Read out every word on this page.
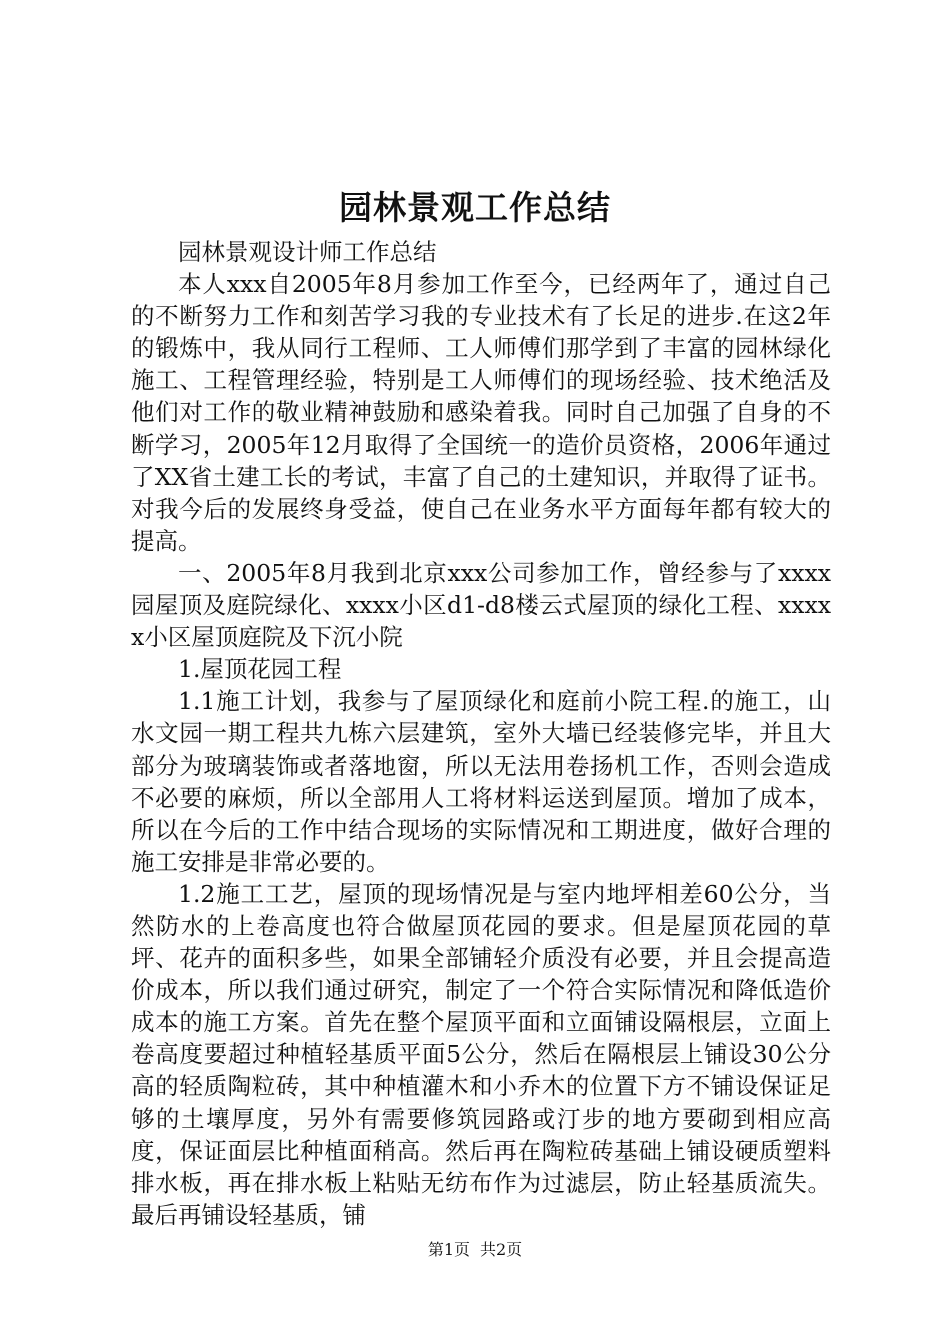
园林景观工作总结

园林景观设计师工作总结

本人xxx自2005年8月参加工作至今，已经两年了，通过自己的不断努力工作和刻苦学习我的专业技术有了长足的进步.在这2年的锻炼中，我从同行工程师、工人师傅们那学到了丰富的园林绿化施工、工程管理经验，特别是工人师傅们的现场经验、技术绝活及他们对工作的敬业精神鼓励和感染着我。同时自己加强了自身的不断学习，2005年12月取得了全国统一的造价员资格，2006年通过了XX省土建工长的考试，丰富了自己的土建知识，并取得了证书。对我今后的发展终身受益，使自己在业务水平方面每年都有较大的提高。

一、2005年8月我到北京xxx公司参加工作，曾经参与了xxxx园屋顶及庭院绿化、xxxx小区d1-d8楼云式屋顶的绿化工程、xxxxx小区屋顶庭院及下沉小院

1.屋顶花园工程

1.1施工计划，我参与了屋顶绿化和庭前小院工程.的施工，山水文园一期工程共九栋六层建筑，室外大墙已经装修完毕，并且大部分为玻璃装饰或者落地窗，所以无法用卷扬机工作，否则会造成不必要的麻烦，所以全部用人工将材料运送到屋顶。增加了成本，所以在今后的工作中结合现场的实际情况和工期进度，做好合理的施工安排是非常必要的。

1.2施工工艺，屋顶的现场情况是与室内地坪相差60公分，当然防水的上卷高度也符合做屋顶花园的要求。但是屋顶花园的草坪、花卉的面积多些，如果全部铺轻介质没有必要，并且会提高造价成本，所以我们通过研究，制定了一个符合实际情况和降低造价成本的施工方案。首先在整个屋顶平面和立面铺设隔根层，立面上卷高度要超过种植轻基质平面5公分，然后在隔根层上铺设30公分高的轻质陶粒砖，其中种植灌木和小乔木的位置下方不铺设保证足够的土壤厚度，另外有需要修筑园路或汀步的地方要砌到相应高度，保证面层比种植面稍高。然后再在陶粒砖基础上铺设硬质塑料排水板，再在排水板上粘贴无纺布作为过滤层，防止轻基质流失。最后再铺设轻基质，铺

第1页 共2页
